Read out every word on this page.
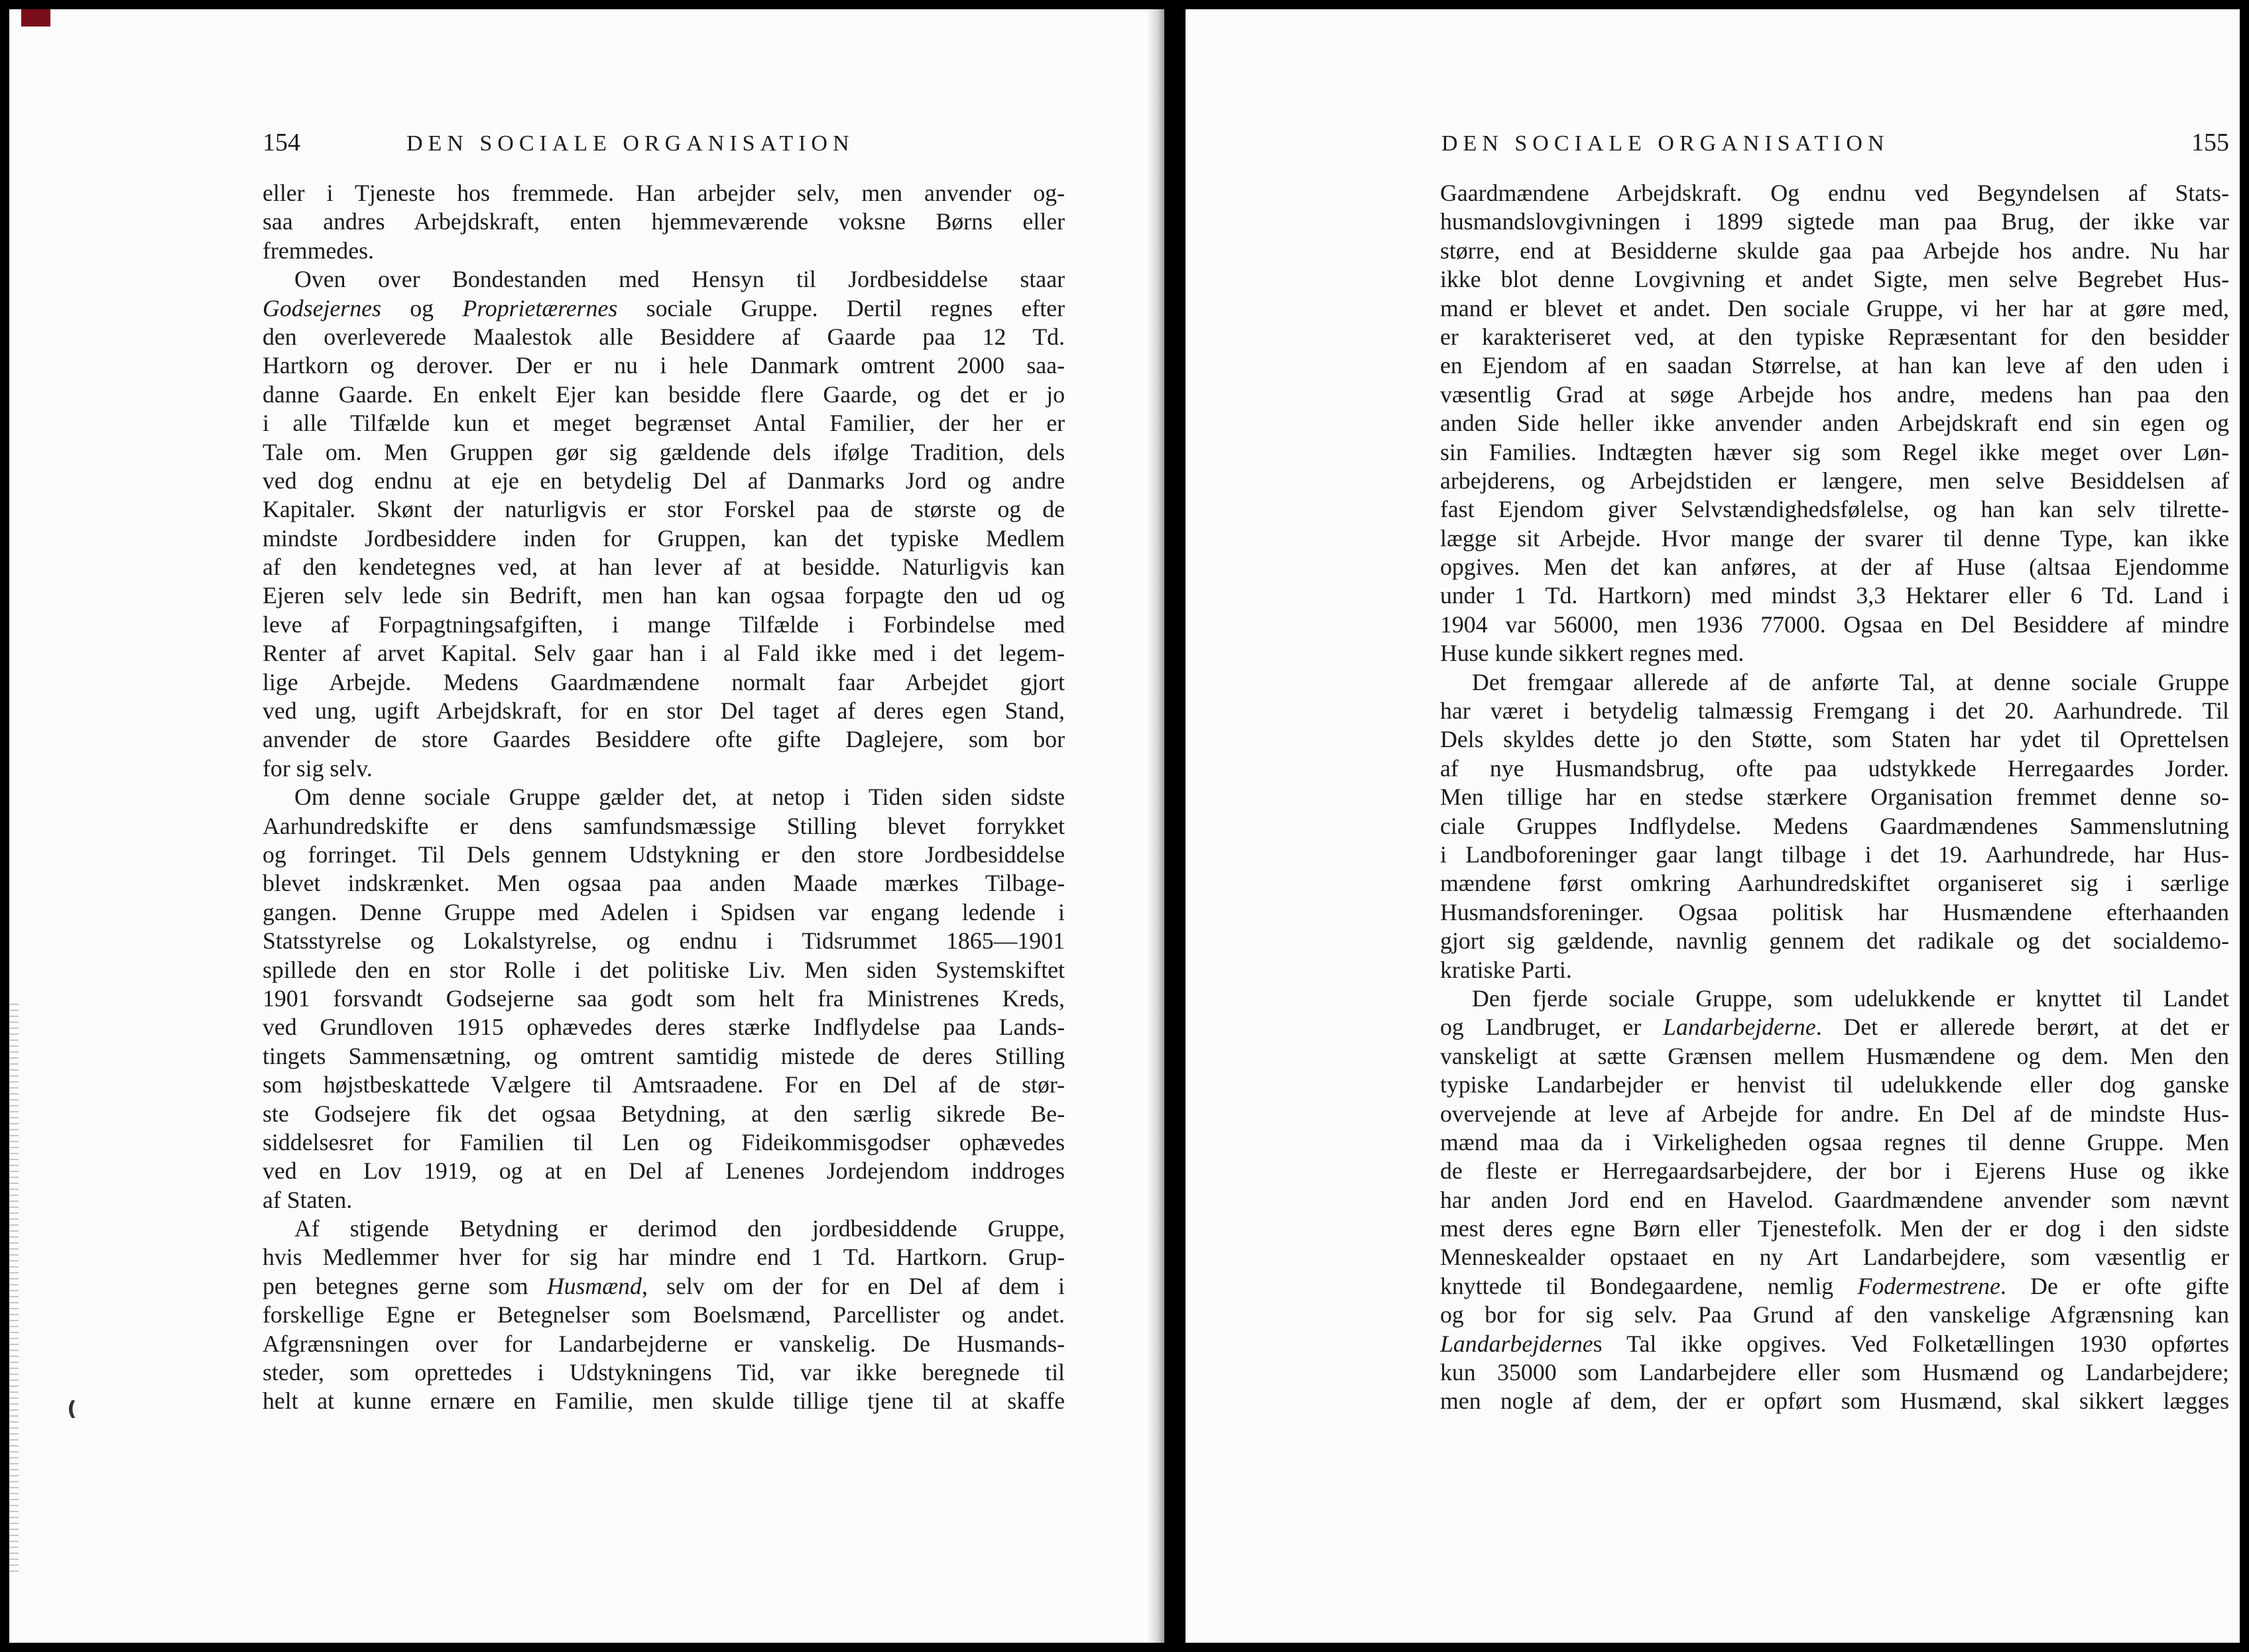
154	DEN SOCIALE ORGANISATION
eller i Tjeneste hos fremmede. Han arbejder selv, men anvender og-
saa andres Arbejdskraft, enten hjemmeværende voksne Børns eller
fremmedes.
Oven over Bondestanden med Hensyn til Jordbesiddelse staar
Godsejernes og Proprietærernes sociale Gruppe. Dertil regnes efter
den overleverede Maalestok alle Besiddere af Gaarde paa 12 Td.
Hartkorn og derover. Der er nu i hele Danmark omtrent 2000 saa-
danne Gaarde. En enkelt Ejer kan besidde flere Gaarde, og det er jo
i alle Tilfælde kun et meget begrænset Antal Familier, der her er
Tale om. Men Gruppen gør sig gældende dels ifølge Tradition, dels
ved dog endnu at eje en betydelig Del af Danmarks Jord og andre
Kapitaler. Skønt der naturligvis er stor Forskel paa de største og de
mindste Jordbesiddere inden for Gruppen, kan det typiske Medlem
af den kendetegnes ved, at han lever af at besidde. Naturligvis kan
Ejeren selv lede sin Bedrift, men han kan ogsaa forpagte den ud og
leve af Forpagtningsafgiften, i mange Tilfælde i Forbindelse med
Renter af arvet Kapital. Selv gaar han i al Fald ikke med i det legem-
lige Arbejde. Medens Gaardmændene normalt faar Arbejdet gjort
ved ung, ugift Arbejdskraft, for en stor Del taget af deres egen Stand,
anvender de store Gaardes Besiddere ofte gifte Daglejere, som bor
for sig selv.
Om denne sociale Gruppe gælder det, at netop i Tiden siden sidste
Aarhundredskifte er dens samfundsmæssige Stilling blevet forrykket
og forringet. Til Dels gennem Udstykning er den store Jordbesiddelse
blevet indskrænket. Men ogsaa paa anden Maade mærkes Tilbage-
gangen. Denne Gruppe med Adelen i Spidsen var engang ledende i
Statsstyrelse og Lokalstyrelse, og endnu i Tidsrummet 1865—1901
spillede den en stor Rolle i det politiske Liv. Men siden Systemskiftet
1901 forsvandt Godsejerne saa godt som helt fra Ministrenes Kreds,
ved Grundloven 1915 ophævedes deres stærke Indflydelse paa Lands-
tingets Sammensætning, og omtrent samtidig mistede de deres Stilling
som højstbeskattede Vælgere til Amtsraadene. For en Del af de stør-
ste Godsejere fik det ogsaa Betydning, at den særlig sikrede Be-
siddelsesret for Familien til Len og Fideikommisgodser ophævedes
ved en Lov 1919, og at en Del af Lenenes Jordejendom inddroges
af Staten.
Af stigende Betydning er derimod den jordbesiddende Gruppe,
hvis Medlemmer hver for sig har mindre end 1 Td. Hartkorn. Grup-
pen betegnes gerne som Husmænd, selv om der for en Del af dem i
forskellige Egne er Betegnelser som Boelsmænd, Parcellister og andet.
Afgrænsningen over for Landarbejderne er vanskelig. De Husmands-
steder, som oprettedes i Udstykningens Tid, var ikke beregnede til
helt at kunne ernære en Familie, men skulde tillige tjene til at skaffe
❪
DEN SOCIALE ORGANISATION	155
Gaardmændene Arbejdskraft. Og endnu ved Begyndelsen af Stats-
husmandslovgivningen i 1899 sigtede man paa Brug, der ikke var
større, end at Besidderne skulde gaa paa Arbejde hos andre. Nu har
ikke blot denne Lovgivning et andet Sigte, men selve Begrebet Hus-
mand er blevet et andet. Den sociale Gruppe, vi her har at gøre med,
er karakteriseret ved, at den typiske Repræsentant for den besidder
en Ejendom af en saadan Størrelse, at han kan leve af den uden i
væsentlig Grad at søge Arbejde hos andre, medens han paa den
anden Side heller ikke anvender anden Arbejdskraft end sin egen og
sin Families. Indtægten hæver sig som Regel ikke meget over Løn-
arbejderens, og Arbejdstiden er længere, men selve Besiddelsen af
fast Ejendom giver Selvstændighedsfølelse, og han kan selv tilrette-
lægge sit Arbejde. Hvor mange der svarer til denne Type, kan ikke
opgives. Men det kan anføres, at der af Huse (altsaa Ejendomme
under 1 Td. Hartkorn) med mindst 3,3 Hektarer eller 6 Td. Land i
1904 var 56000, men 1936 77000. Ogsaa en Del Besiddere af mindre
Huse kunde sikkert regnes med.
Det fremgaar allerede af de anførte Tal, at denne sociale Gruppe
har været i betydelig talmæssig Fremgang i det 20. Aarhundrede. Til
Dels skyldes dette jo den Støtte, som Staten har ydet til Oprettelsen
af nye Husmandsbrug, ofte paa udstykkede Herregaardes Jorder.
Men tillige har en stedse stærkere Organisation fremmet denne so-
ciale Gruppes Indflydelse. Medens Gaardmændenes Sammenslutning
i Landboforeninger gaar langt tilbage i det 19. Aarhundrede, har Hus-
mændene først omkring Aarhundredskiftet organiseret sig i særlige
Husmandsforeninger. Ogsaa politisk har Husmændene efterhaanden
gjort sig gældende, navnlig gennem det radikale og det socialdemo-
kratiske Parti.
Den fjerde sociale Gruppe, som udelukkende er knyttet til Landet
og Landbruget, er Landarbejderne. Det er allerede berørt, at det er
vanskeligt at sætte Grænsen mellem Husmændene og dem. Men den
typiske Landarbejder er henvist til udelukkende eller dog ganske
overvejende at leve af Arbejde for andre. En Del af de mindste Hus-
mænd maa da i Virkeligheden ogsaa regnes til denne Gruppe. Men
de fleste er Herregaardsarbejdere, der bor i Ejerens Huse og ikke
har anden Jord end en Havelod. Gaardmændene anvender som nævnt
mest deres egne Børn eller Tjenestefolk. Men der er dog i den sidste
Menneskealder opstaaet en ny Art Landarbejdere, som væsentlig er
knyttede til Bondegaardene, nemlig Fodermestrene. De er ofte gifte
og bor for sig selv. Paa Grund af den vanskelige Afgrænsning kan
Landarbejdernes Tal ikke opgives. Ved Folketællingen 1930 opførtes
kun 35000 som Landarbejdere eller som Husmænd og Landarbejdere;
men nogle af dem, der er opført som Husmænd, skal sikkert lægges
